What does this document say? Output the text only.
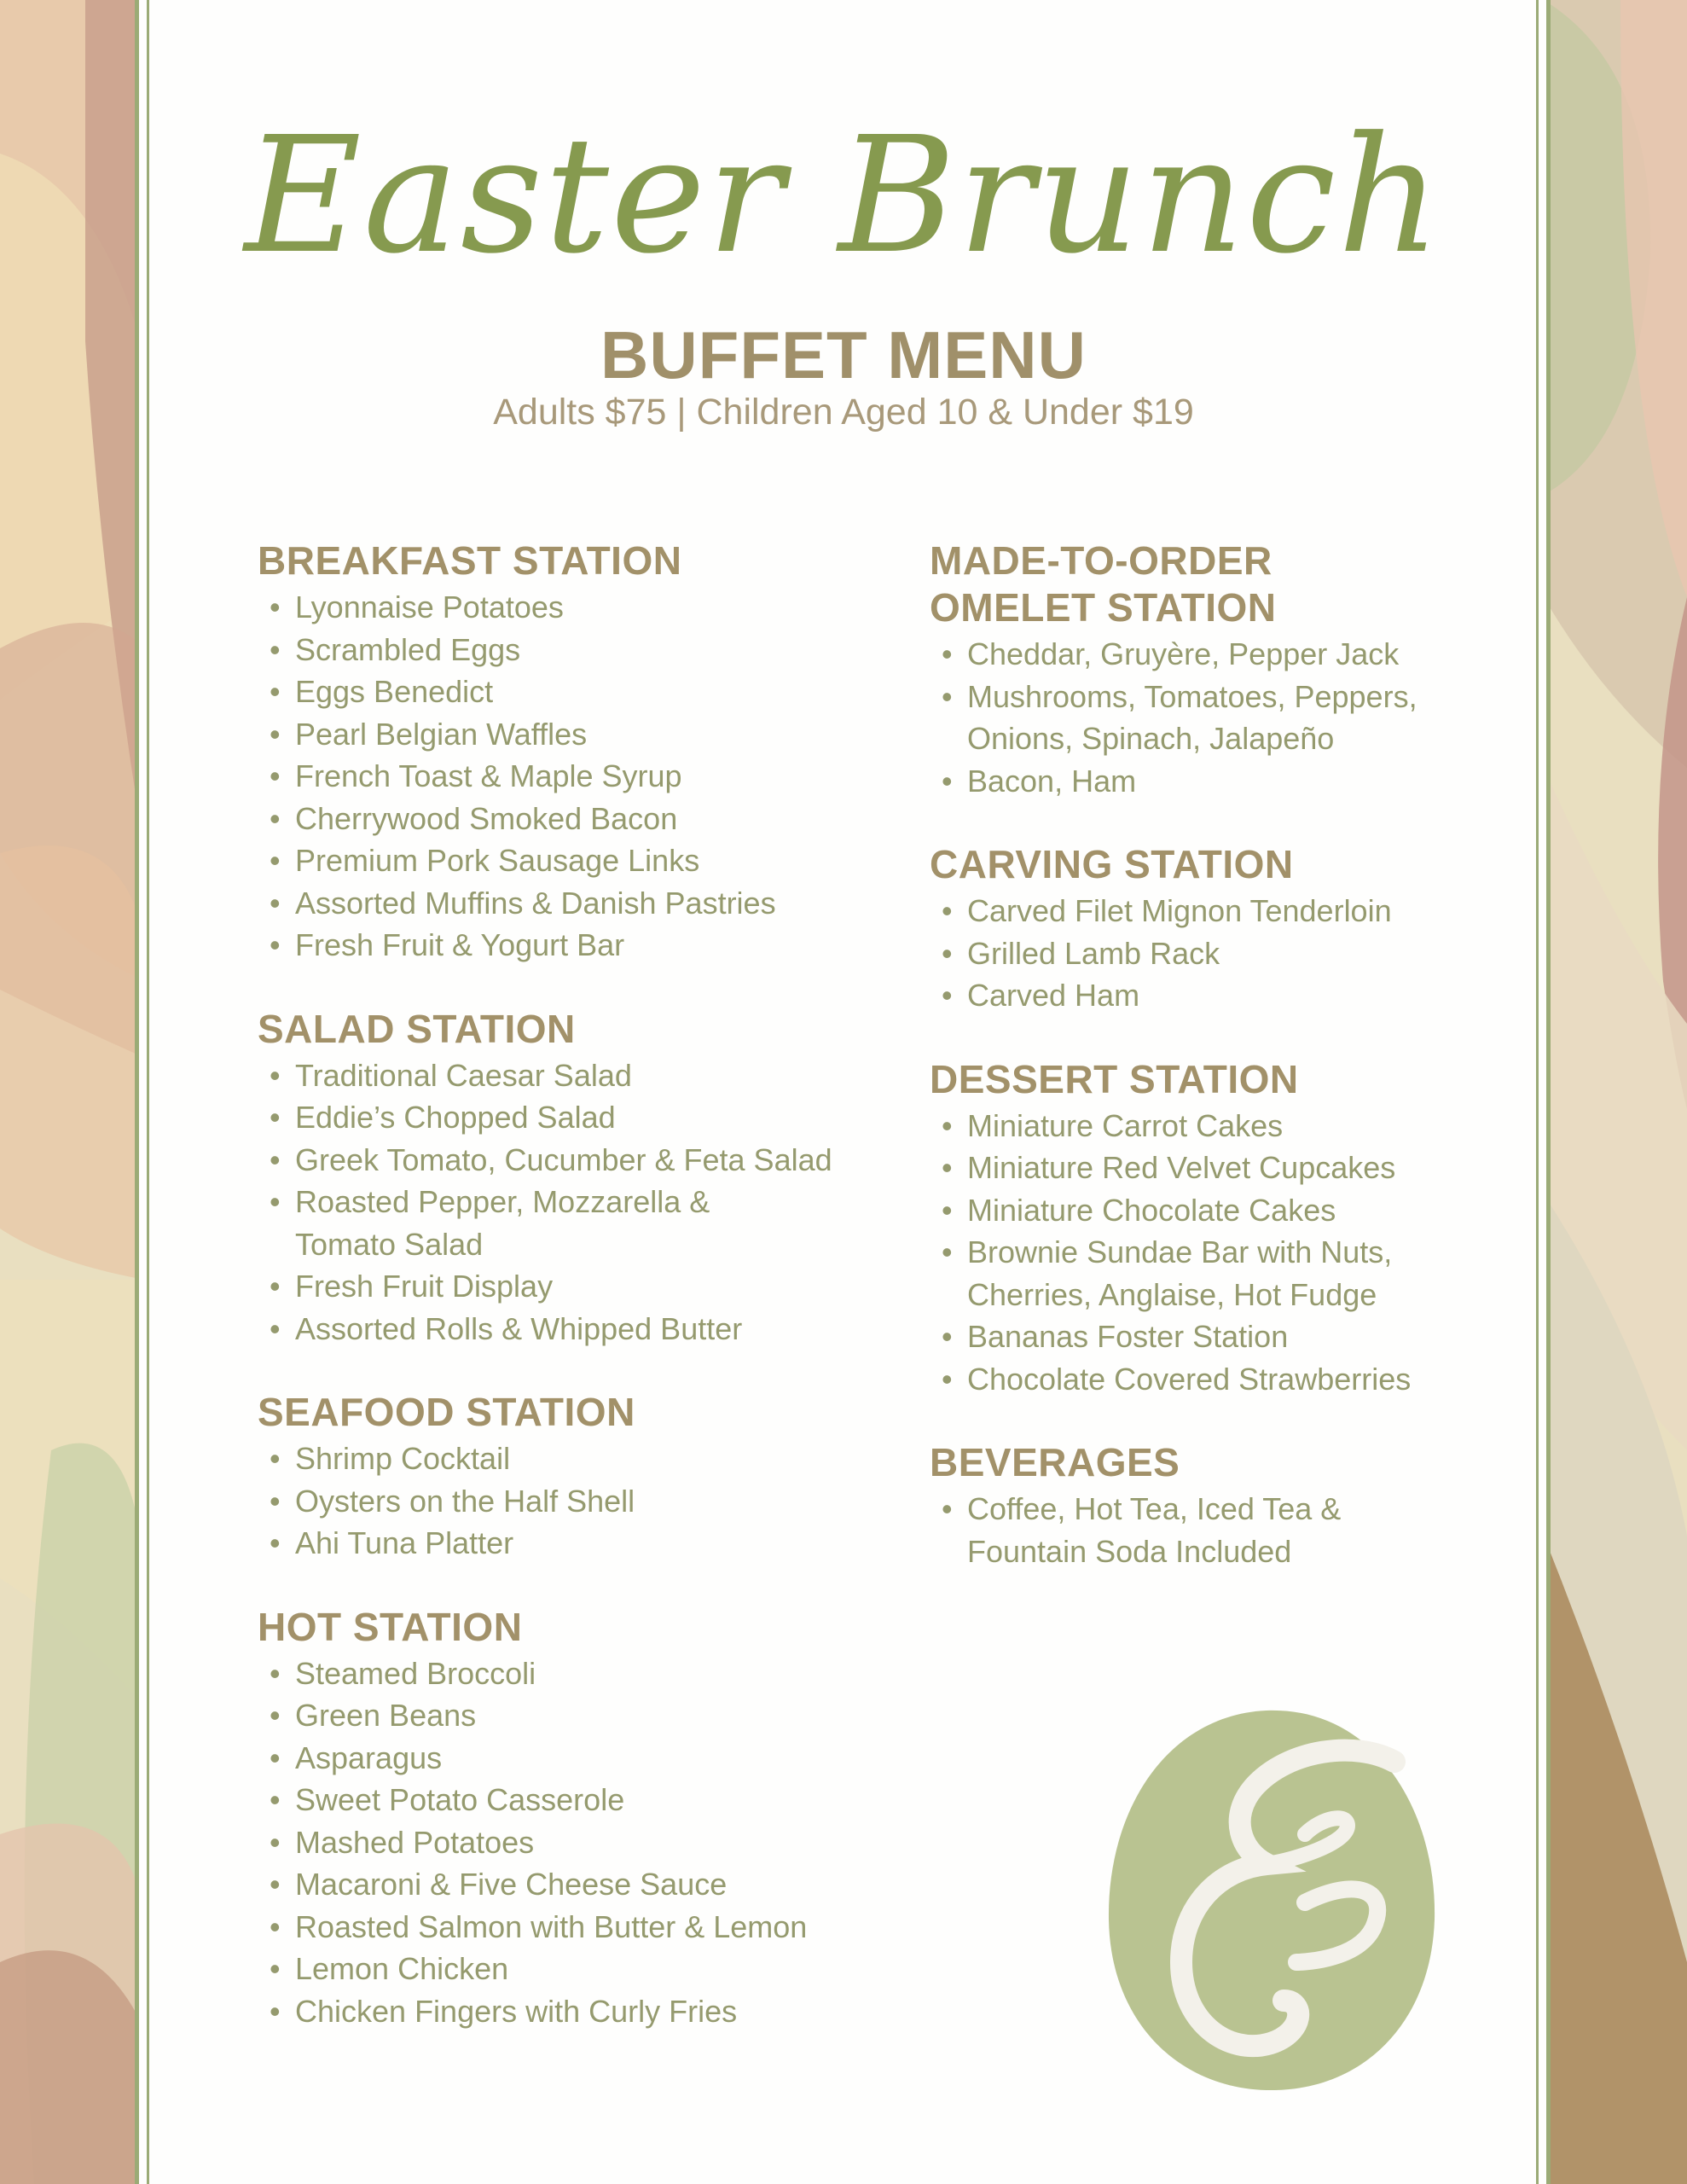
Easter Brunch
BUFFET MENU
Adults $75 | Children Aged 10 & Under $19
BREAKFAST STATION
• Lyonnaise Potatoes
• Scrambled Eggs
• Eggs Benedict
• Pearl Belgian Waffles
• French Toast & Maple Syrup
• Cherrywood Smoked Bacon
• Premium Pork Sausage Links
• Assorted Muffins & Danish Pastries
• Fresh Fruit & Yogurt Bar
SALAD STATION
• Traditional Caesar Salad
• Eddie’s Chopped Salad
• Greek Tomato, Cucumber & Feta Salad
• Roasted Pepper, Mozzarella &
Tomato Salad
• Fresh Fruit Display
• Assorted Rolls & Whipped Butter
SEAFOOD STATION
• Shrimp Cocktail
• Oysters on the Half Shell
• Ahi Tuna Platter
HOT STATION
• Steamed Broccoli
• Green Beans
• Asparagus
• Sweet Potato Casserole
• Mashed Potatoes
• Macaroni & Five Cheese Sauce
• Roasted Salmon with Butter & Lemon
• Lemon Chicken
• Chicken Fingers with Curly Fries
MADE-TO-ORDER
OMELET STATION
• Cheddar, Gruyère, Pepper Jack
• Mushrooms, Tomatoes, Peppers,
Onions, Spinach, Jalapeño
• Bacon, Ham
CARVING STATION
• Carved Filet Mignon Tenderloin
• Grilled Lamb Rack
• Carved Ham
DESSERT STATION
• Miniature Carrot Cakes
• Miniature Red Velvet Cupcakes
• Miniature Chocolate Cakes
• Brownie Sundae Bar with Nuts,
Cherries, Anglaise, Hot Fudge
• Bananas Foster Station
• Chocolate Covered Strawberries
BEVERAGES
• Coffee, Hot Tea, Iced Tea &
Fountain Soda Included
